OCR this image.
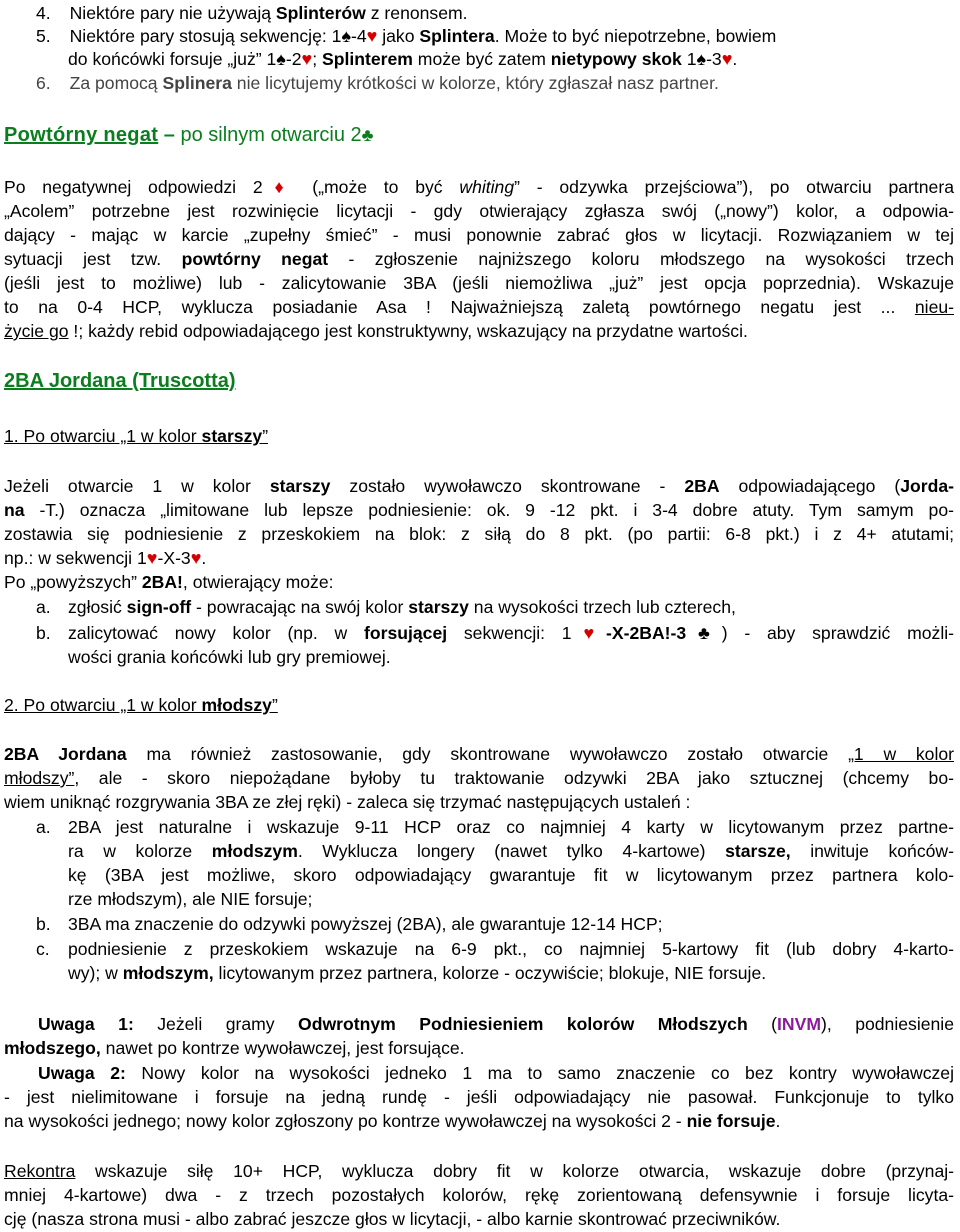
4. Niektóre pary nie używają Splinterów z renonsem.
5. Niektóre pary stosują sekwencję: 1♠-4♥ jako Splintera. Może to być niepotrzebne, bowiem
do końcówki forsuje „już” 1♠-2♥; Splinterem może być zatem nietypowy skok 1♠-3♥.
6. Za pomocą Splinera nie licytujemy krótkości w kolorze, który zgłaszał nasz partner.
Powtórny negat – po silnym otwarciu 2♣
Po negatywnej odpowiedzi 2♦ („może to być whiting” - odzywka przejściowa”), po otwarciu partnera
„Acolem” potrzebne jest rozwinięcie licytacji - gdy otwierający zgłasza swój („nowy”) kolor, a odpowia-
dający - mając w karcie „zupełny śmieć” - musi ponownie zabrać głos w licytacji. Rozwiązaniem w tej
sytuacji jest tzw. powtórny negat - zgłoszenie najniższego koloru młodszego na wysokości trzech
(jeśli jest to możliwe) lub - zalicytowanie 3BA (jeśli niemożliwa „już” jest opcja poprzednia). Wskazuje
to na 0-4 HCP, wyklucza posiadanie Asa ! Najważniejszą zaletą powtórnego negatu jest ... nieu-
życie go !; każdy rebid odpowiadającego jest konstruktywny, wskazujący na przydatne wartości.
2BA Jordana (Truscotta)
1. Po otwarciu „1 w kolor starszy”
Jeżeli otwarcie 1 w kolor starszy zostało wywoławczo skontrowane - 2BA odpowiadającego (Jorda-
na -T.) oznacza „limitowane lub lepsze podniesienie: ok. 9 -12 pkt. i 3-4 dobre atuty. Tym samym po-
zostawia się podniesienie z przeskokiem na blok: z siłą do 8 pkt. (po partii: 6-8 pkt.) i z 4+ atutami;
np.: w sekwencji 1♥-X-3♥.
Po „powyższych” 2BA!, otwierający może:
a. zgłosić sign-off - powracając na swój kolor starszy na wysokości trzech lub czterech,
b. zalicytować nowy kolor (np. w forsującej sekwencji: 1♥-X-2BA!-3♣) - aby sprawdzić możli-
wości grania końcówki lub gry premiowej.
2. Po otwarciu „1 w kolor młodszy”
2BA Jordana ma również zastosowanie, gdy skontrowane wywoławczo zostało otwarcie „1 w kolor
młodszy”, ale - skoro niepożądane byłoby tu traktowanie odzywki 2BA jako sztucznej (chcemy bo-
wiem uniknąć rozgrywania 3BA ze złej ręki) - zaleca się trzymać następujących ustaleń :
a. 2BA jest naturalne i wskazuje 9-11 HCP oraz co najmniej 4 karty w licytowanym przez partne-
ra w kolorze młodszym. Wyklucza longery (nawet tylko 4-kartowe) starsze, inwituje końców-
kę (3BA jest możliwe, skoro odpowiadający gwarantuje fit w licytowanym przez partnera kolo-
rze młodszym), ale NIE forsuje;
b. 3BA ma znaczenie do odzywki powyższej (2BA), ale gwarantuje 12-14 HCP;
c. podniesienie z przeskokiem wskazuje na 6-9 pkt., co najmniej 5-kartowy fit (lub dobry 4-karto-
wy); w młodszym, licytowanym przez partnera, kolorze - oczywiście; blokuje, NIE forsuje.
Uwaga 1: Jeżeli gramy Odwrotnym Podniesieniem kolorów Młodszych (INVM), podniesienie
młodszego, nawet po kontrze wywoławczej, jest forsujące.
Uwaga 2: Nowy kolor na wysokości jedneko 1 ma to samo znaczenie co bez kontry wywoławczej
- jest nielimitowane i forsuje na jedną rundę - jeśli odpowiadający nie pasował. Funkcjonuje to tylko
na wysokości jednego; nowy kolor zgłoszony po kontrze wywoławczej na wysokości 2 - nie forsuje.
Rekontra wskazuje siłę 10+ HCP, wyklucza dobry fit w kolorze otwarcia, wskazuje dobre (przynaj-
mniej 4-kartowe) dwa - z trzech pozostałych kolorów, rękę zorientowaną defensywnie i forsuje licyta-
cję (nasza strona musi - albo zabrać jeszcze głos w licytacji, - albo karnie skontrować przeciwników.
